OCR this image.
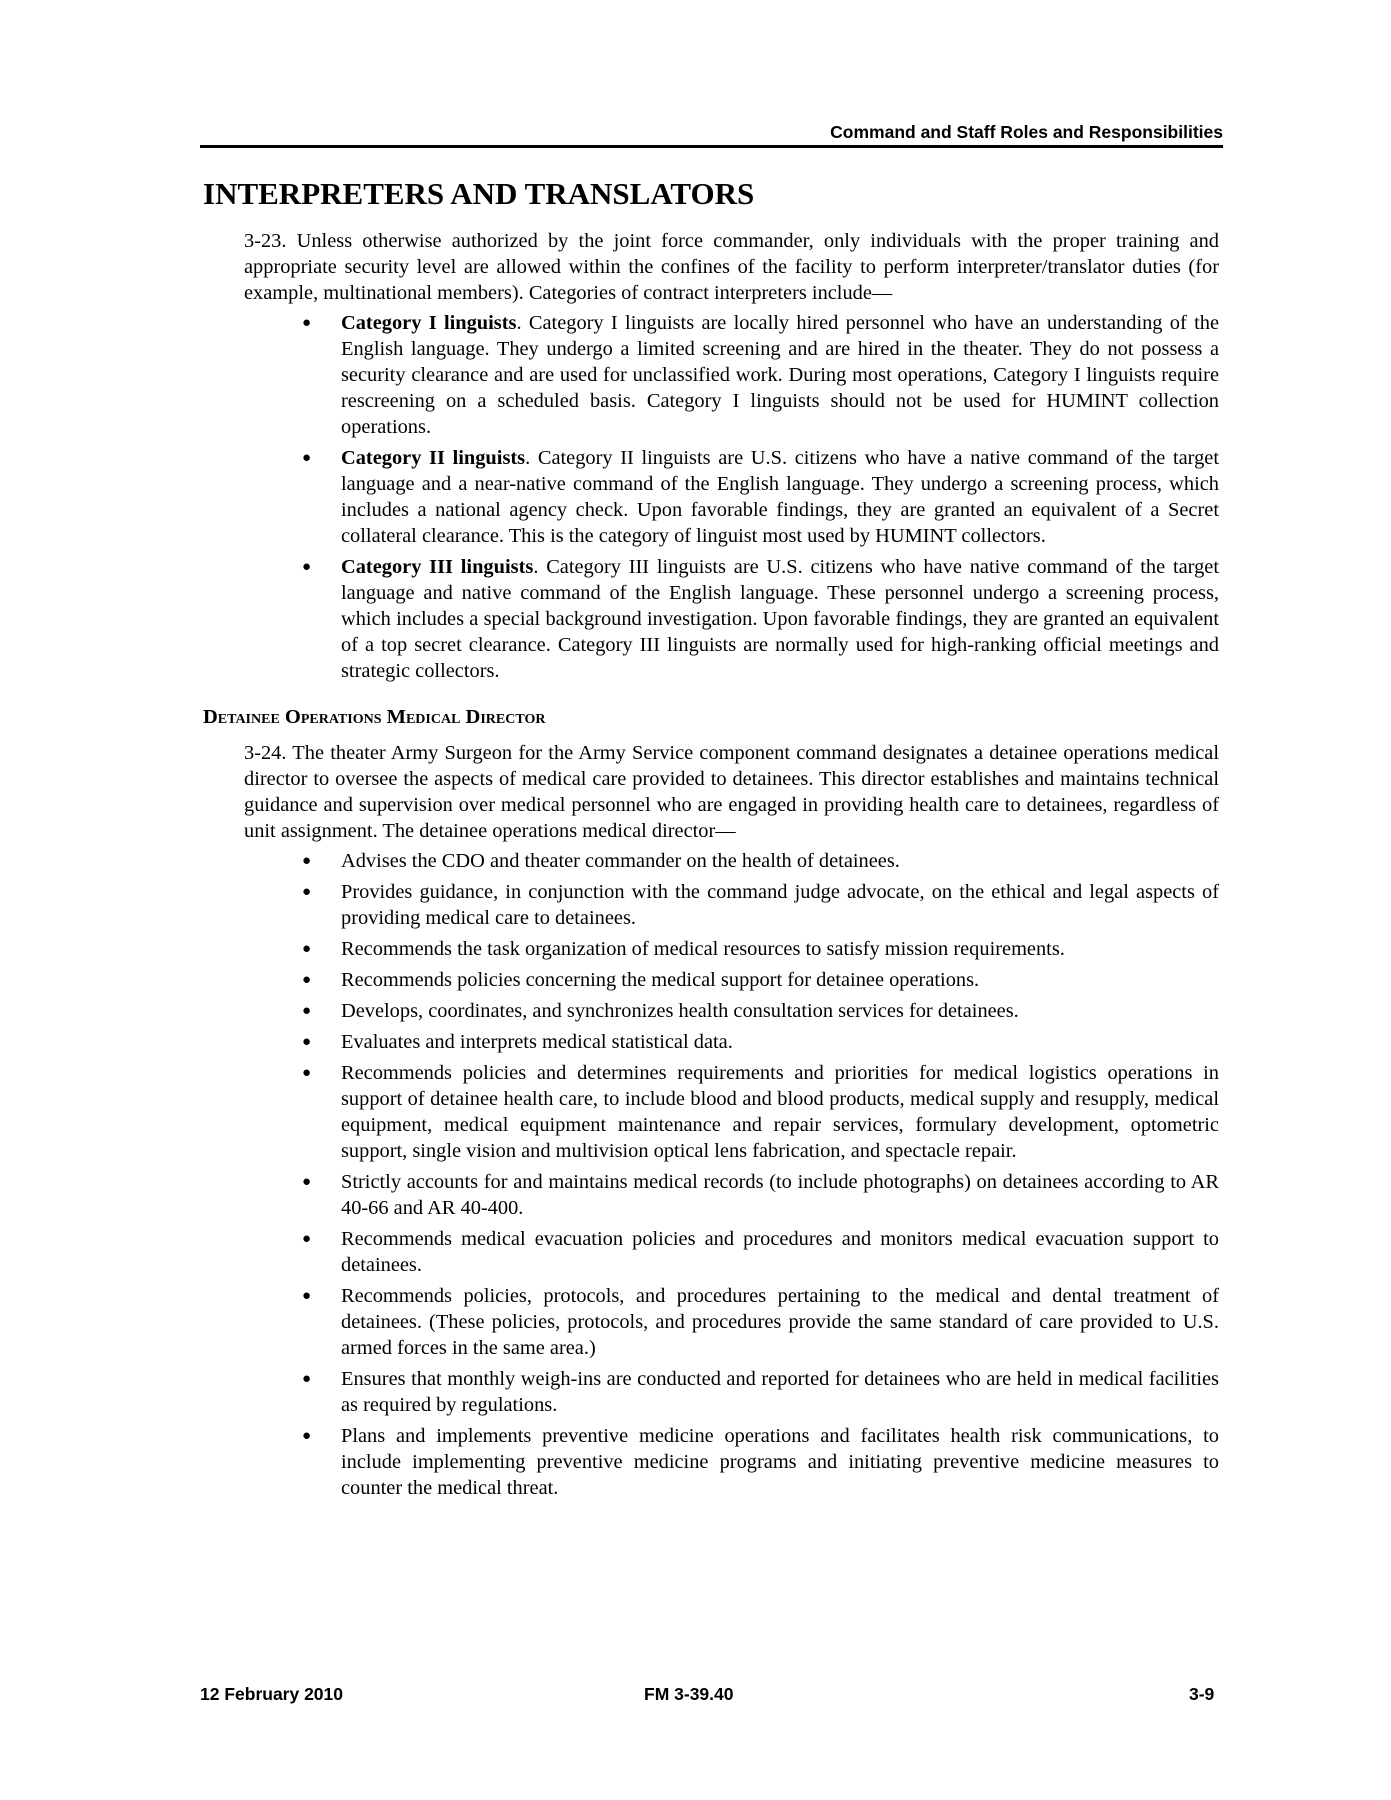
Command and Staff Roles and Responsibilities
INTERPRETERS AND TRANSLATORS

3-23. Unless otherwise authorized by the joint force commander, only individuals with the proper training and appropriate security level are allowed within the confines of the facility to perform interpreter/translator duties (for example, multinational members). Categories of contract interpreters include—

● Category I linguists. Category I linguists are locally hired personnel who have an understanding of the English language. They undergo a limited screening and are hired in the theater. They do not possess a security clearance and are used for unclassified work. During most operations, Category I linguists require rescreening on a scheduled basis. Category I linguists should not be used for HUMINT collection operations.
● Category II linguists. Category II linguists are U.S. citizens who have a native command of the target language and a near-native command of the English language. They undergo a screening process, which includes a national agency check. Upon favorable findings, they are granted an equivalent of a Secret collateral clearance. This is the category of linguist most used by HUMINT collectors.
● Category III linguists. Category III linguists are U.S. citizens who have native command of the target language and native command of the English language. These personnel undergo a screening process, which includes a special background investigation. Upon favorable findings, they are granted an equivalent of a top secret clearance. Category III linguists are normally used for high-ranking official meetings and strategic collectors.
Detainee Operations Medical Director

3-24. The theater Army Surgeon for the Army Service component command designates a detainee operations medical director to oversee the aspects of medical care provided to detainees. This director establishes and maintains technical guidance and supervision over medical personnel who are engaged in providing health care to detainees, regardless of unit assignment. The detainee operations medical director—

● Advises the CDO and theater commander on the health of detainees.
● Provides guidance, in conjunction with the command judge advocate, on the ethical and legal aspects of providing medical care to detainees.
● Recommends the task organization of medical resources to satisfy mission requirements.
● Recommends policies concerning the medical support for detainee operations.
● Develops, coordinates, and synchronizes health consultation services for detainees.
● Evaluates and interprets medical statistical data.
● Recommends policies and determines requirements and priorities for medical logistics operations in support of detainee health care, to include blood and blood products, medical supply and resupply, medical equipment, medical equipment maintenance and repair services, formulary development, optometric support, single vision and multivision optical lens fabrication, and spectacle repair.
● Strictly accounts for and maintains medical records (to include photographs) on detainees according to AR 40-66 and AR 40-400.
● Recommends medical evacuation policies and procedures and monitors medical evacuation support to detainees.
● Recommends policies, protocols, and procedures pertaining to the medical and dental treatment of detainees. (These policies, protocols, and procedures provide the same standard of care provided to U.S. armed forces in the same area.)
● Ensures that monthly weigh-ins are conducted and reported for detainees who are held in medical facilities as required by regulations.
● Plans and implements preventive medicine operations and facilitates health risk communications, to include implementing preventive medicine programs and initiating preventive medicine measures to counter the medical threat.
12 February 2010	FM 3-39.40	3-9
